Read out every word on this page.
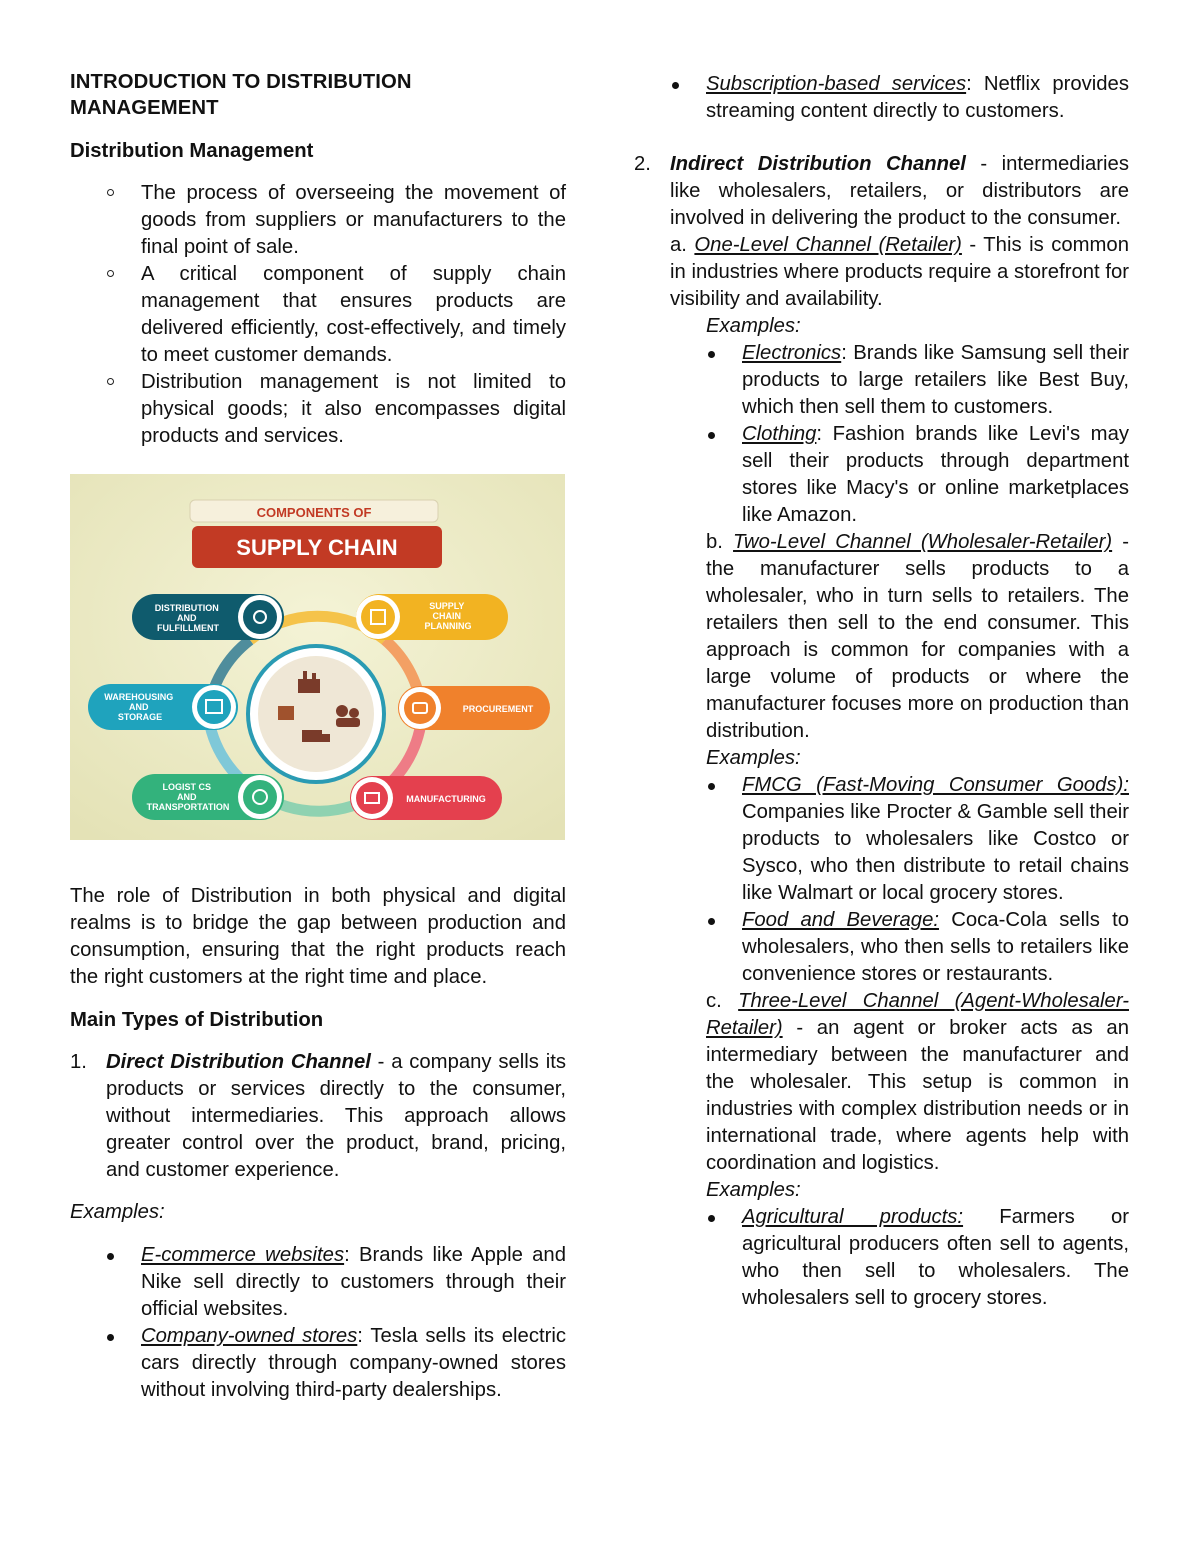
INTRODUCTION TO DISTRIBUTION
MANAGEMENT

Distribution Management

The process of overseeing the movement of goods from suppliers or manufacturers to the final point of sale.
A critical component of supply chain management that ensures products are delivered efficiently, cost-effectively, and timely to meet customer demands.
Distribution management is not limited to physical goods; it also encompasses digital products and services.

The role of Distribution in both physical and digital realms is to bridge the gap between production and consumption, ensuring that the right products reach the right customers at the right time and place.

Main Types of Distribution

1. Direct Distribution Channel - a company sells its products or services directly to the consumer, without intermediaries. This approach allows greater control over the product, brand, pricing, and customer experience.

Examples:

E-commerce websites: Brands like Apple and Nike sell directly to customers through their official websites.
Company-owned stores: Tesla sells its electric cars directly through company-owned stores without involving third-party dealerships.
COMPONENTS OF
SUPPLY CHAIN
DISTRIBUTION AND FULFILLMENT
SUPPLY CHAIN PLANNING
WAREHOUSING AND STORAGE
PROCUREMENT
LOGIST CS AND TRANSPORTATION
MANUFACTURING
Subscription-based services: Netflix provides streaming content directly to customers.
2. Indirect Distribution Channel - intermediaries like wholesalers, retailers, or distributors are involved in delivering the product to the consumer.

a. One-Level Channel (Retailer) - This is common in industries where products require a storefront for visibility and availability.

Examples:

Electronics: Brands like Samsung sell their products to large retailers like Best Buy, which then sell them to customers.
Clothing: Fashion brands like Levi's may sell their products through department stores like Macy's or online marketplaces like Amazon.

b. Two-Level Channel (Wholesaler-Retailer) - the manufacturer sells products to a wholesaler, who in turn sells to retailers. The retailers then sell to the end consumer. This approach is common for companies with a large volume of products or where the manufacturer focuses more on production than distribution.

Examples:

FMCG (Fast-Moving Consumer Goods): Companies like Procter & Gamble sell their products to wholesalers like Costco or Sysco, who then distribute to retail chains like Walmart or local grocery stores.
Food and Beverage: Coca-Cola sells to wholesalers, who then sells to retailers like convenience stores or restaurants.

c. Three-Level Channel (Agent-Wholesaler-Retailer) - an agent or broker acts as an intermediary between the manufacturer and the wholesaler. This setup is common in industries with complex distribution needs or in international trade, where agents help with coordination and logistics.

Examples:

Agricultural products: Farmers or agricultural producers often sell to agents, who then sell to wholesalers. The wholesalers sell to grocery stores.
